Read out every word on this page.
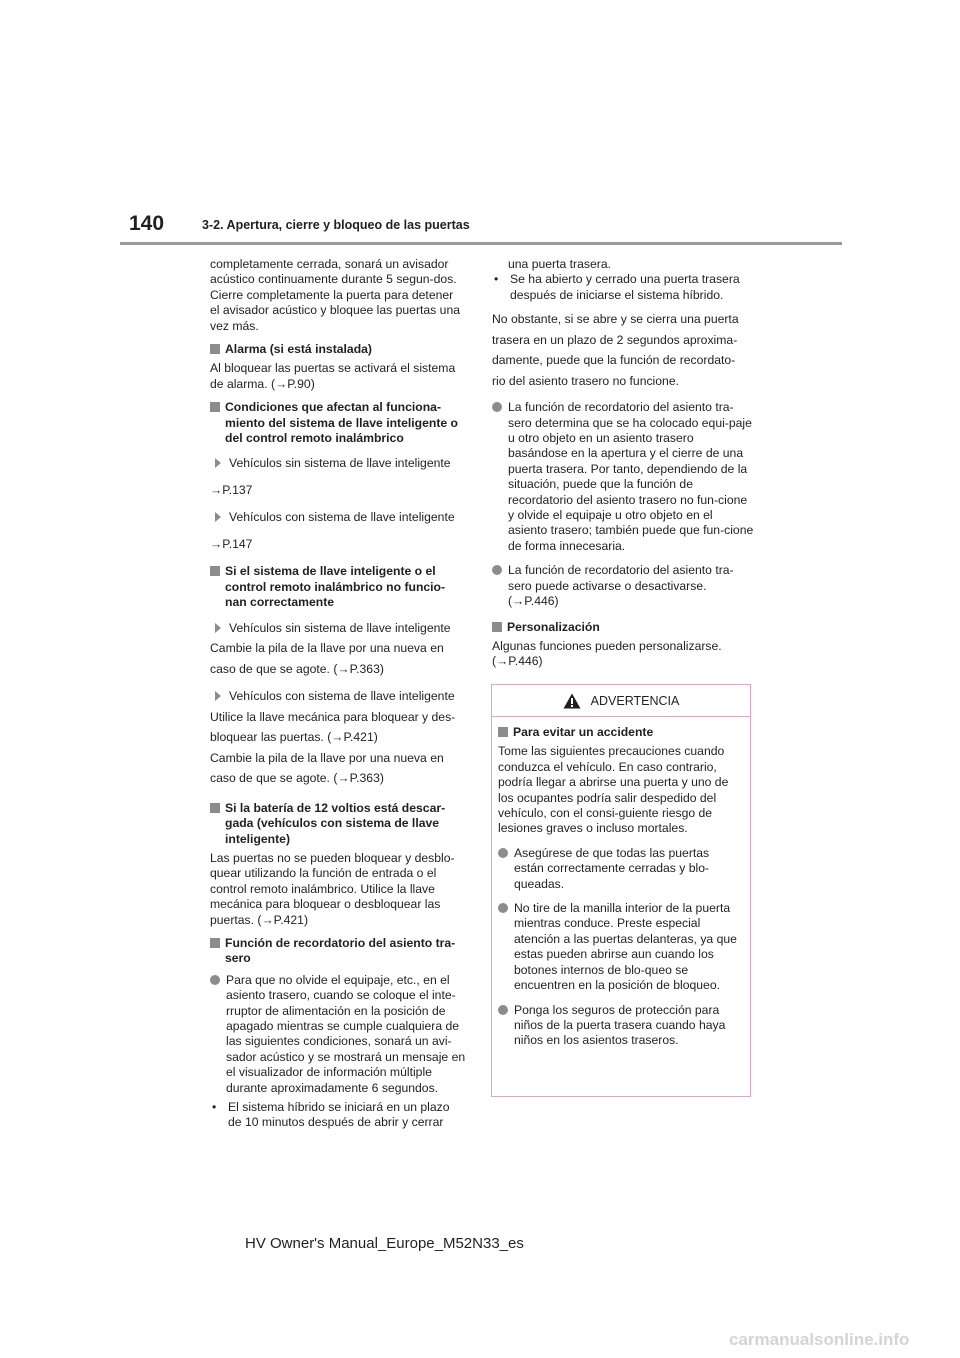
140	3-2. Apertura, cierre y bloqueo de las puertas

completamente cerrada, sonará un avisador acústico continuamente durante 5 segun-dos. Cierre completamente la puerta para detener el avisador acústico y bloquee las puertas una vez más.

Alarma (si está instalada)

Al bloquear las puertas se activará el sistema de alarma. (→P.90)

Condiciones que afectan al funciona-miento del sistema de llave inteligente o del control remoto inalámbrico
Vehículos sin sistema de llave inteligente

→P.137

Vehículos con sistema de llave inteligente

→P.147

Si el sistema de llave inteligente o el control remoto inalámbrico no funcio-nan correctamente
Vehículos sin sistema de llave inteligente

Cambie la pila de la llave por una nueva en

caso de que se agote. (→P.363)

Vehículos con sistema de llave inteligente

Utilice la llave mecánica para bloquear y des-

bloquear las puertas. (→P.421)

Cambie la pila de la llave por una nueva en

caso de que se agote. (→P.363)

Si la batería de 12 voltios está descar-gada (vehículos con sistema de llave inteligente)

Las puertas no se pueden bloquear y desblo-quear utilizando la función de entrada o el control remoto inalámbrico. Utilice la llave mecánica para bloquear o desbloquear las puertas. (→P.421)

Función de recordatorio del asiento tra-sero
Para que no olvide el equipaje, etc., en el asiento trasero, cuando se coloque el inte-rruptor de alimentación en la posición de apagado mientras se cumple cualquiera de las siguientes condiciones, sonará un avi-sador acústico y se mostrará un mensaje en el visualizador de información múltiple durante aproximadamente 6 segundos.
• El sistema híbrido se iniciará en un plazo de 10 minutos después de abrir y cerrar
una puerta trasera.
• Se ha abierto y cerrado una puerta trasera después de iniciarse el sistema híbrido.

No obstante, si se abre y se cierra una puerta

trasera en un plazo de 2 segundos aproxima-

damente, puede que la función de recordato-

rio del asiento trasero no funcione.

La función de recordatorio del asiento tra-sero determina que se ha colocado equi-paje u otro objeto en un asiento trasero basándose en la apertura y el cierre de una puerta trasera. Por tanto, dependiendo de la situación, puede que la función de recordatorio del asiento trasero no fun-cione y olvide el equipaje u otro objeto en el asiento trasero; también puede que fun-cione de forma innecesaria.
La función de recordatorio del asiento tra-sero puede activarse o desactivarse. (→P.446)
Personalización

Algunas funciones pueden personalizarse. (→P.446)

ADVERTENCIA
Para evitar un accidente

Tome las siguientes precauciones cuando conduzca el vehículo. En caso contrario, podría llegar a abrirse una puerta y uno de los ocupantes podría salir despedido del vehículo, con el consi-guiente riesgo de lesiones graves o incluso mortales.

Asegúrese de que todas las puertas están correctamente cerradas y blo-queadas.
No tire de la manilla interior de la puerta mientras conduce. Preste especial atención a las puertas delanteras, ya que estas pueden abrirse aun cuando los botones internos de blo-queo se encuentren en la posición de bloqueo.
Ponga los seguros de protección para niños de la puerta trasera cuando haya niños en los asientos traseros.
HV Owner's Manual_Europe_M52N33_es
carmanualsonline.info
